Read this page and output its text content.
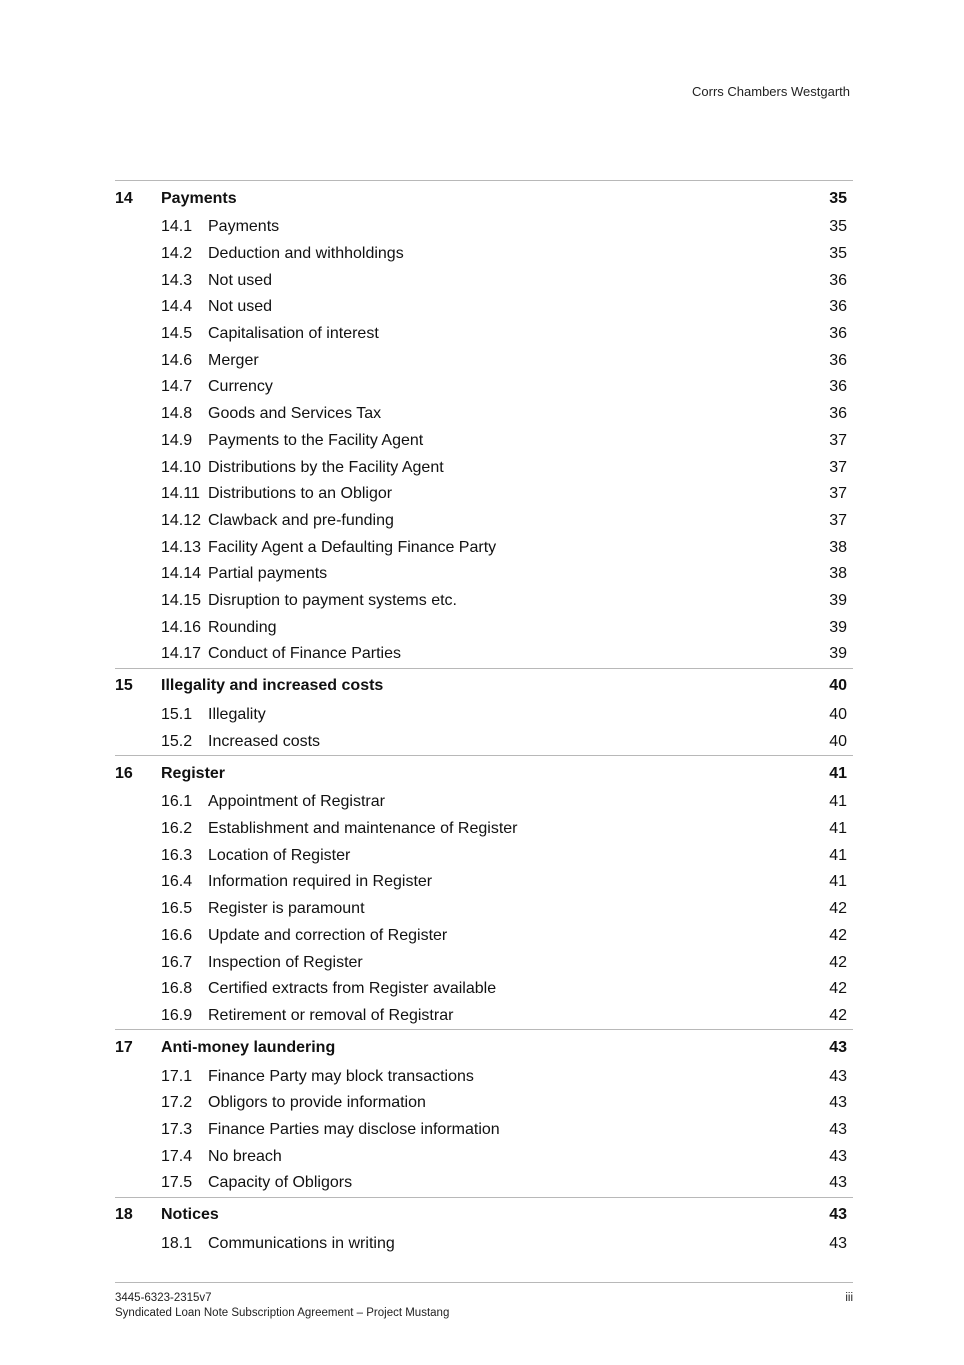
Corrs Chambers Westgarth
14	Payments	35
14.1 Payments	35
14.2 Deduction and withholdings	35
14.3 Not used	36
14.4 Not used	36
14.5 Capitalisation of interest	36
14.6 Merger	36
14.7 Currency	36
14.8 Goods and Services Tax	36
14.9 Payments to the Facility Agent	37
14.10 Distributions by the Facility Agent	37
14.11 Distributions to an Obligor	37
14.12 Clawback and pre-funding	37
14.13 Facility Agent a Defaulting Finance Party	38
14.14 Partial payments	38
14.15 Disruption to payment systems etc.	39
14.16 Rounding	39
14.17 Conduct of Finance Parties	39
15	Illegality and increased costs	40
15.1 Illegality	40
15.2 Increased costs	40
16	Register	41
16.1 Appointment of Registrar	41
16.2 Establishment and maintenance of Register	41
16.3 Location of Register	41
16.4 Information required in Register	41
16.5 Register is paramount	42
16.6 Update and correction of Register	42
16.7 Inspection of Register	42
16.8 Certified extracts from Register available	42
16.9 Retirement or removal of Registrar	42
17	Anti-money laundering	43
17.1 Finance Party may block transactions	43
17.2 Obligors to provide information	43
17.3 Finance Parties may disclose information	43
17.4 No breach	43
17.5 Capacity of Obligors	43
18	Notices	43
18.1 Communications in writing	43
3445-6323-2315v7	iii
Syndicated Loan Note Subscription Agreement – Project Mustang
